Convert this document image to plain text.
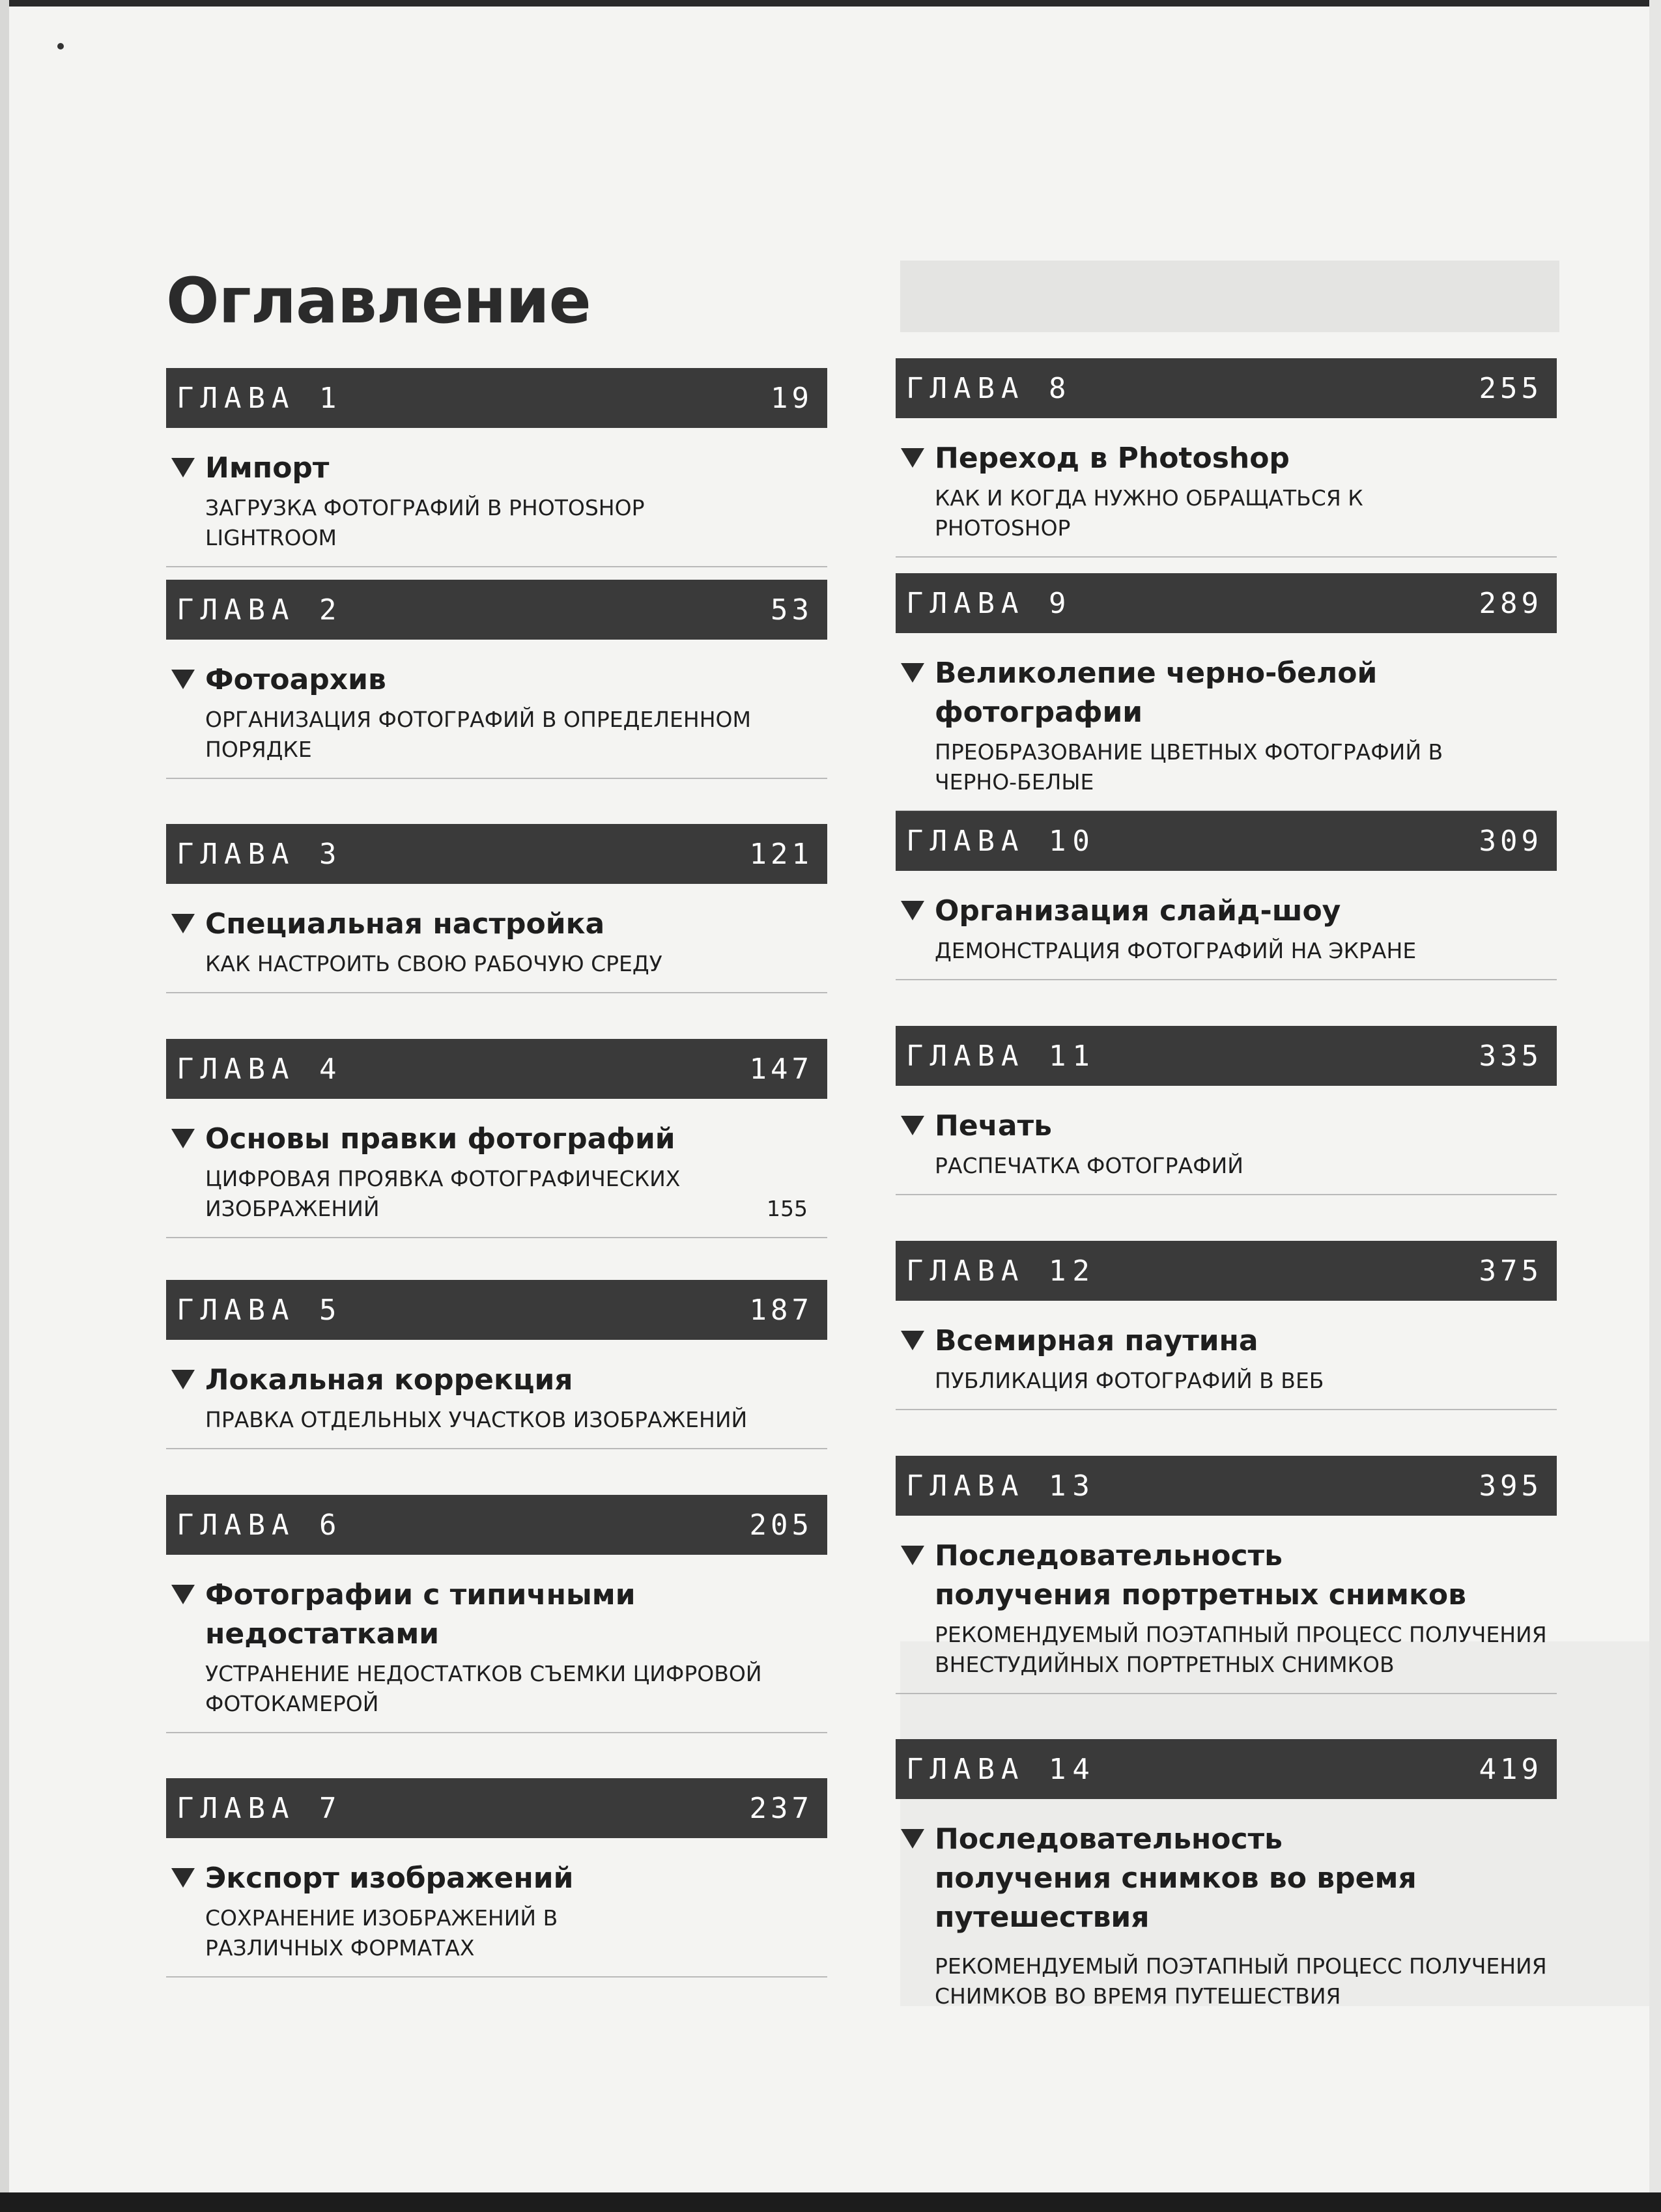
Оглавление
ГЛАВА 1	19
Импорт
ЗАГРУЗКА ФОТОГРАФИЙ В PHOTOSHOP LIGHTROOM
ГЛАВА 2	53
Фотоархив
ОРГАНИЗАЦИЯ ФОТОГРАФИЙ В ОПРЕДЕЛЕННОМ ПОРЯДКЕ
ГЛАВА 3	121
Специальная настройка
КАК НАСТРОИТЬ СВОЮ РАБОЧУЮ СРЕДУ
ГЛАВА 4	147
Основы правки фотографий
ЦИФРОВАЯ ПРОЯВКА ФОТОГРАФИЧЕСКИХ ИЗОБРАЖЕНИЙ	155
ГЛАВА 5	187
Локальная коррекция
ПРАВКА ОТДЕЛЬНЫХ УЧАСТКОВ ИЗОБРАЖЕНИЙ
ГЛАВА 6	205
Фотографии с типичными недостатками
УСТРАНЕНИЕ НЕДОСТАТКОВ СЪЕМКИ ЦИФРОВОЙ ФОТОКАМЕРОЙ
ГЛАВА 7	237
Экспорт изображений
СОХРАНЕНИЕ ИЗОБРАЖЕНИЙ В РАЗЛИЧНЫХ ФОРМАТАХ
ГЛАВА 8	255
Переход в Photoshop
КАК И КОГДА НУЖНО ОБРАЩАТЬСЯ К PHOTOSHOP
ГЛАВА 9	289
Великолепие черно-белой фотографии
ПРЕОБРАЗОВАНИЕ ЦВЕТНЫХ ФОТОГРАФИЙ В ЧЕРНО-БЕЛЫЕ
ГЛАВА 10	309
Организация слайд-шоу
ДЕМОНСТРАЦИЯ ФОТОГРАФИЙ НА ЭКРАНЕ
ГЛАВА 11	335
Печать
РАСПЕЧАТКА ФОТОГРАФИЙ
ГЛАВА 12	375
Всемирная паутина
ПУБЛИКАЦИЯ ФОТОГРАФИЙ В ВЕБ
ГЛАВА 13	395
Последовательность получения портретных снимков
РЕКОМЕНДУЕМЫЙ ПОЭТАПНЫЙ ПРОЦЕСС ПОЛУЧЕНИЯ ВНЕСТУДИЙНЫХ ПОРТРЕТНЫХ СНИМКОВ
ГЛАВА 14	419
Последовательность получения снимков во время путешествия
РЕКОМЕНДУЕМЫЙ ПОЭТАПНЫЙ ПРОЦЕСС ПОЛУЧЕНИЯ СНИМКОВ ВО ВРЕМЯ ПУТЕШЕСТВИЯ
